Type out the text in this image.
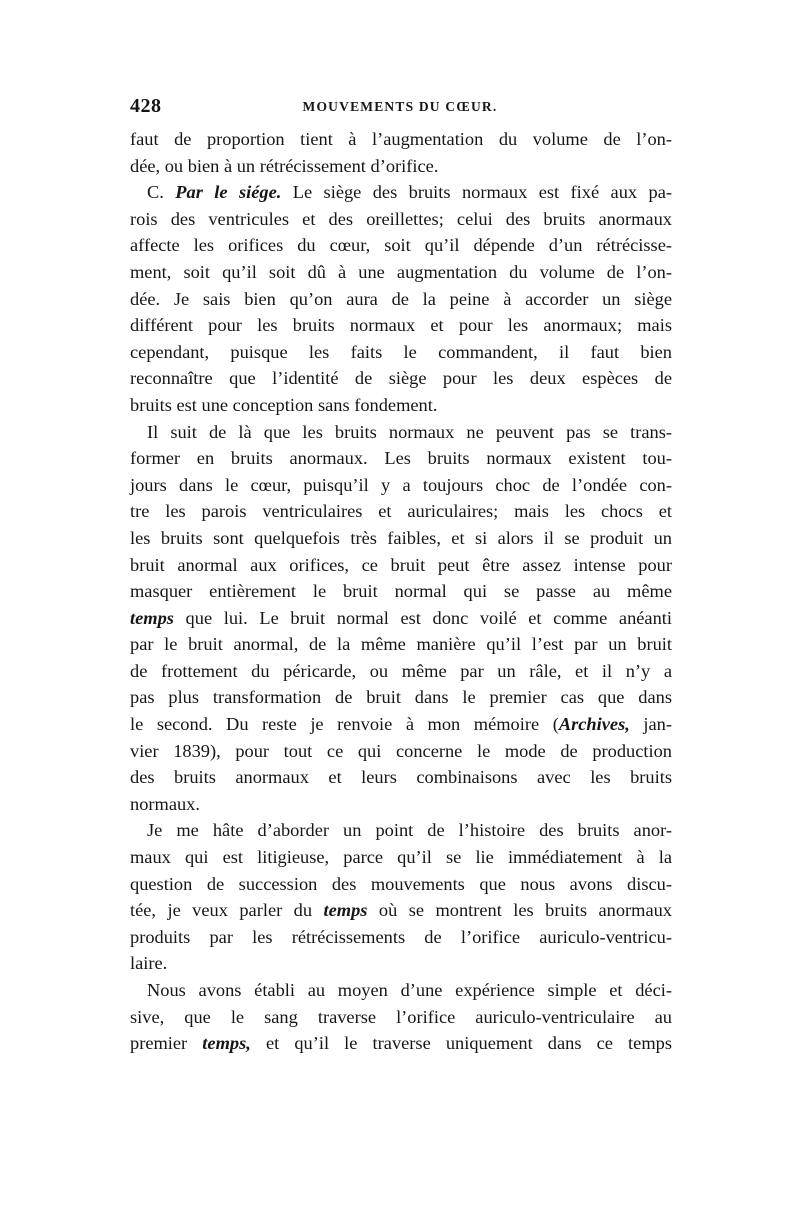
428	MOUVEMENTS DU CŒUR.
faut de proportion tient à l’augmentation du volume de l’on-
dée, ou bien à un rétrécissement d’orifice.
C. Par le siége. Le siège des bruits normaux est fixé aux pa-
rois des ventricules et des oreillettes; celui des bruits anormaux
affecte les orifices du cœur, soit qu’il dépende d’un rétrécisse-
ment, soit qu’il soit dû à une augmentation du volume de l’on-
dée. Je sais bien qu’on aura de la peine à accorder un siège
différent pour les bruits normaux et pour les anormaux; mais
cependant, puisque les faits le commandent, il faut bien
reconnaître que l’identité de siège pour les deux espèces de
bruits est une conception sans fondement.
Il suit de là que les bruits normaux ne peuvent pas se trans-
former en bruits anormaux. Les bruits normaux existent tou-
jours dans le cœur, puisqu’il y a toujours choc de l’ondée con-
tre les parois ventriculaires et auriculaires; mais les chocs et
les bruits sont quelquefois très faibles, et si alors il se produit un
bruit anormal aux orifices, ce bruit peut être assez intense pour
masquer entièrement le bruit normal qui se passe au même
temps que lui. Le bruit normal est donc voilé et comme anéanti
par le bruit anormal, de la même manière qu’il l’est par un bruit
de frottement du péricarde, ou même par un râle, et il n’y a
pas plus transformation de bruit dans le premier cas que dans
le second. Du reste je renvoie à mon mémoire (Archives, jan-
vier 1839), pour tout ce qui concerne le mode de production
des bruits anormaux et leurs combinaisons avec les bruits
normaux.
Je me hâte d’aborder un point de l’histoire des bruits anor-
maux qui est litigieuse, parce qu’il se lie immédiatement à la
question de succession des mouvements que nous avons discu-
tée, je veux parler du temps où se montrent les bruits anormaux
produits par les rétrécissements de l’orifice auriculo-ventricu-
laire.
Nous avons établi au moyen d’une expérience simple et déci-
sive, que le sang traverse l’orifice auriculo-ventriculaire au
premier temps, et qu’il le traverse uniquement dans ce temps
